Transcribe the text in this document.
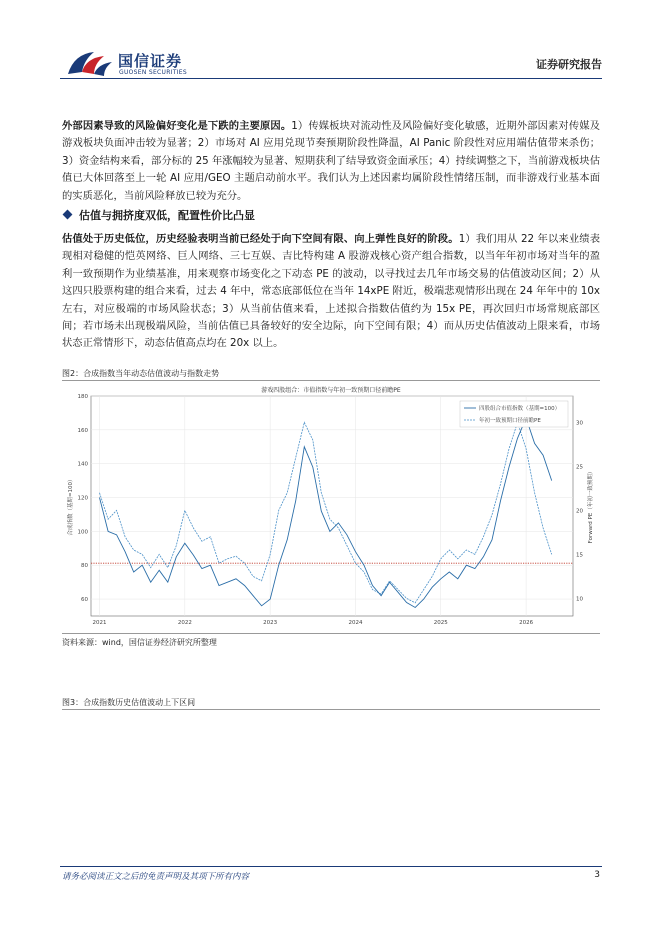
国信证券
GUOSEN SECURITIES
证券研究报告
外部因素导致的风险偏好变化是下跌的主要原因。1）传媒板块对流动性及风险偏好变化敏感，近期外部因素对传媒及游戏板块负面冲击较为显著；2）市场对 AI 应用兑现节奏预期阶段性降温，AI Panic 阶段性对应用端估值带来杀伤；3）资金结构来看，部分标的 25 年涨幅较为显著、短期获利了结导致资金面承压；4）持续调整之下，当前游戏板块估值已大体回落至上一轮 AI 应用/GEO 主题启动前水平。我们认为上述因素均属阶段性情绪压制，而非游戏行业基本面的实质恶化，当前风险释放已较为充分。
估值与拥挤度双低，配置性价比凸显
估值处于历史低位，历史经验表明当前已经处于向下空间有限、向上弹性良好的阶段。1）我们用从 22 年以来业绩表现相对稳健的恺英网络、巨人网络、三七互娱、吉比特构建 A 股游戏核心资产组合指数，以当年年初市场对当年的盈利一致预期作为业绩基准，用来观察市场变化之下动态 PE 的波动，以寻找过去几年市场交易的估值波动区间；2）从这四只股票构建的组合来看，过去 4 年中，常态底部低位在当年 14xPE 附近，极端悲观情形出现在 24 年年中的 10x 左右，对应极端的市场风险状态；3）从当前估值来看，上述拟合指数估值约为 15x PE，再次回归市场常规底部区间；若市场未出现极端风险，当前估值已具备较好的安全边际，向下空间有限；4）而从历史估值波动上限来看，市场状态正常情形下，动态估值高点均在 20x 以上。
图2：合成指数当年动态估值波动与指数走势
游戏四股组合：市值指数与年初一致预期口径前瞻PE
60
80
100
120
140
160
180
10
15
20
25
30
2021	2022	2023	2024	2025	2026
合成指数（基期=100）	Forward PE（年初一致预期）
四股组合市值指数（基期=100）
年初一致预期口径前瞻PE
资料来源：wind，国信证券经济研究所整理
图3：合成指数历史估值波动上下区间
请务必阅读正文之后的免责声明及其项下所有内容	3
